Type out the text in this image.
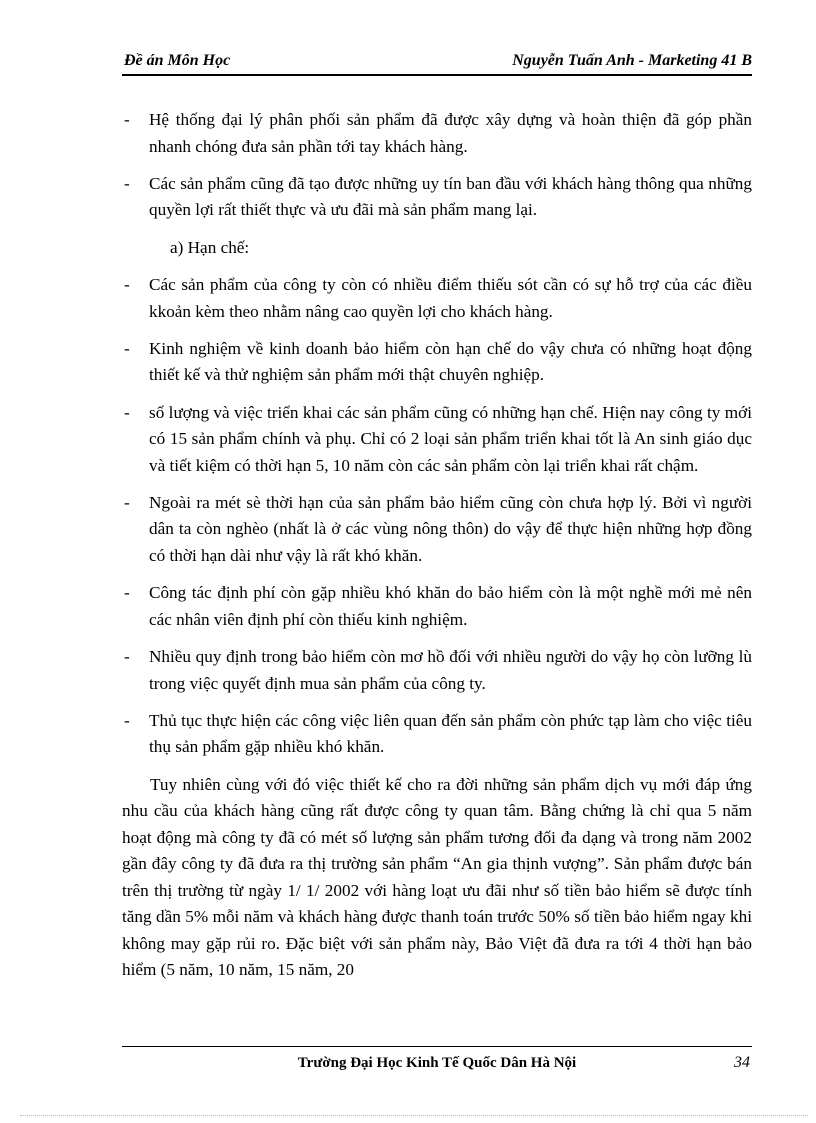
Đề án Môn Học	Nguyễn Tuấn Anh - Marketing 41 B
- Hệ thống đại lý phân phối sản phẩm đã được xây dựng và hoàn thiện đã góp phần nhanh chóng đưa sản phần tới tay khách hàng.
- Các sản phẩm cũng đã tạo được những uy tín ban đầu với khách hàng thông qua những quyền lợi rất thiết thực và ưu đãi mà sản phẩm mang lại.
a) Hạn chế:
- Các sản phẩm của công ty còn có nhiều điểm thiếu sót cần có sự hỗ trợ của các điều kkoản kèm theo nhằm nâng cao quyền lợi cho khách hàng.
- Kinh nghiệm về kinh doanh bảo hiểm còn hạn chế do vậy chưa có những hoạt động thiết kế và thử nghiệm sản phẩm mới thật chuyên nghiệp.
- số lượng và việc triển khai các sản phẩm cũng có những hạn chế. Hiện nay công ty mới có 15 sản phẩm chính và phụ. Chỉ có 2 loại sản phẩm triển khai tốt là An sinh giáo dục và tiết kiệm có thời hạn 5, 10 năm còn các sản phẩm còn lại triển khai rất chậm.
- Ngoài ra mét sè thời hạn của sản phẩm bảo hiểm cũng còn chưa hợp lý. Bởi vì người dân ta còn nghèo (nhất là ở các vùng nông thôn) do vậy để thực hiện những hợp đồng có thời hạn dài như vậy là rất khó khăn.
- Công tác định phí còn gặp nhiều khó khăn do bảo hiểm còn là một nghề mới mẻ nên các nhân viên định phí còn thiếu kinh nghiệm.
- Nhiều quy định trong bảo hiểm còn mơ hồ đối với nhiều người do vậy họ còn lưỡng lù trong việc quyết định mua sản phẩm của công ty.
- Thủ tục thực hiện các công việc liên quan đến sản phẩm còn phức tạp làm cho việc tiêu thụ sản phẩm gặp nhiều khó khăn.
Tuy nhiên cùng với đó việc thiết kế cho ra đời những sản phẩm dịch vụ mới đáp ứng nhu cầu của khách hàng cũng rất được công ty quan tâm. Bằng chứng là chỉ qua 5 năm hoạt động mà công ty đã có mét số lượng sản phẩm tương đối đa dạng và trong năm 2002 gần đây công ty đã đưa ra thị trường sản phẩm “An gia thịnh vượng”. Sản phẩm được bán trên thị trường từ ngày 1/ 1/ 2002 với hàng loạt ưu đãi như số tiền bảo hiểm sẽ được tính tăng dần 5% mỗi năm và khách hàng được thanh toán trước 50% số tiền bảo hiểm ngay khi không may gặp rủi ro. Đặc biệt với sản phẩm này, Bảo Việt đã đưa ra tới 4 thời hạn bảo hiểm (5 năm, 10 năm, 15 năm, 20
Trường Đại Học Kinh Tế Quốc Dân Hà Nội	34
